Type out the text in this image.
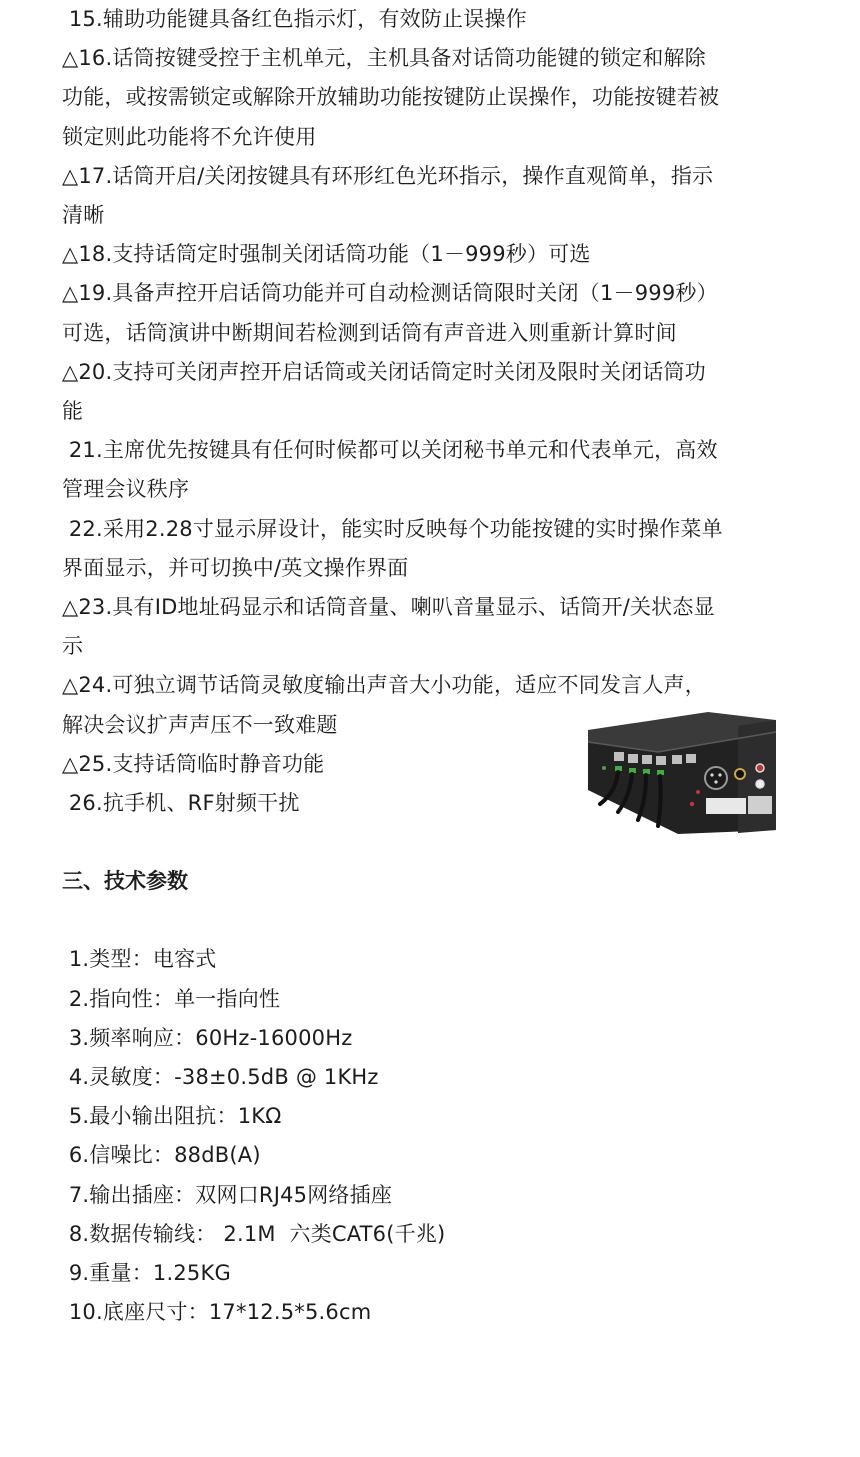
15.辅助功能键具备红色指示灯，有效防止误操作
△16.话筒按键受控于主机单元，主机具备对话筒功能键的锁定和解除
功能，或按需锁定或解除开放辅助功能按键防止误操作，功能按键若被
锁定则此功能将不允许使用
△17.话筒开启/关闭按键具有环形红色光环指示，操作直观简单，指示
清晰
△18.支持话筒定时强制关闭话筒功能（1－999秒）可选
△19.具备声控开启话筒功能并可自动检测话筒限时关闭（1－999秒）
可选，话筒演讲中断期间若检测到话筒有声音进入则重新计算时间
△20.支持可关闭声控开启话筒或关闭话筒定时关闭及限时关闭话筒功
能
21.主席优先按键具有任何时候都可以关闭秘书单元和代表单元，高效
管理会议秩序
22.采用2.28寸显示屏设计，能实时反映每个功能按键的实时操作菜单
界面显示，并可切换中/英文操作界面
△23.具有ID地址码显示和话筒音量、喇叭音量显示、话筒开/关状态显
示
△24.可独立调节话筒灵敏度输出声音大小功能，适应不同发言人声，
解决会议扩声声压不一致难题
△25.支持话筒临时静音功能
26.抗手机、RF射频干扰
三、技术参数
1.类型：电容式
2.指向性：单一指向性
3.频率响应：60Hz-16000Hz
4.灵敏度：-38±0.5dB @ 1KHz
5.最小输出阻抗：1KΩ
6.信噪比：88dB(A)
7.输出插座：双网口RJ45网络插座
8.数据传输线： 2.1M  六类CAT6(千兆)
9.重量：1.25KG
10.底座尺寸：17*12.5*5.6cm
